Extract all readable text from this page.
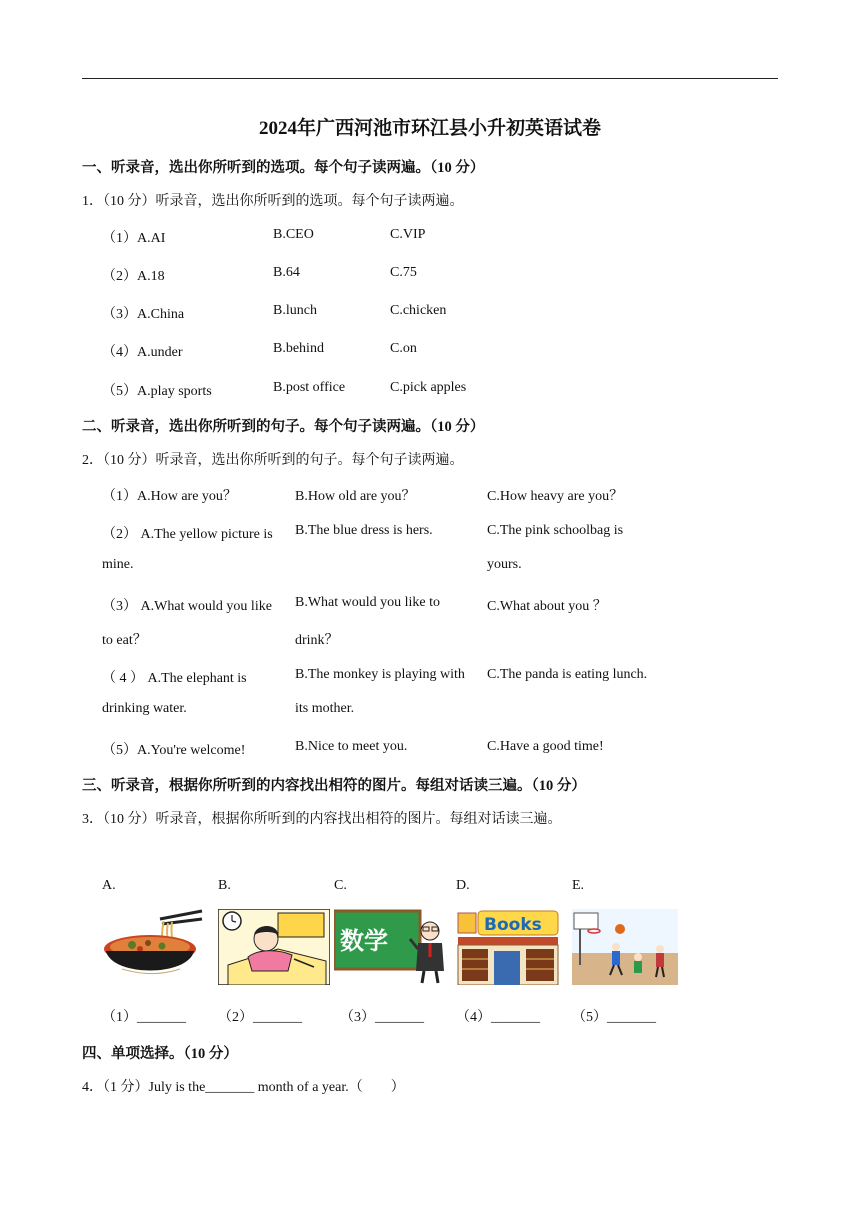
2024年广西河池市环江县小升初英语试卷
一、听录音，选出你所听到的选项。每个句子读两遍。（10 分）
1．（10 分）听录音，选出你所听到的选项。每个句子读两遍。
（1）A.AI	B.CEO	C.VIP
（2）A.18	B.64	C.75
（3）A.China	B.lunch	C.chicken
（4）A.under	B.behind	C.on
（5）A.play sports	B.post office	C.pick apples
二、听录音，选出你所听到的句子。每个句子读两遍。（10 分）
2．（10 分）听录音，选出你所听到的句子。每个句子读两遍。
（1）A.How are you？	B.How old are you？	C.How heavy are you？
（2） A.The yellow picture is
mine.
B.The blue dress is hers.	C.The pink schoolbag is
yours.
（3） A.What would you like
to eat？
B.What would you like to
drink？
C.What about you ？
（ 4 ） A.The elephant is
drinking water.
B.The monkey is playing with
its mother.
C.The panda is eating lunch.
（5）A.You're welcome!	B.Nice to meet you.	C.Have a good time!
三、听录音，根据你所听到的内容找出相符的图片。每组对话读三遍。（10 分）
3．（10 分）听录音，根据你所听到的内容找出相符的图片。每组对话读三遍。
A.	B.	C.	D.	E.
数学
Books
（1）_______ （2）_______	（3）_______ （4）_______ （5）_______
四、单项选择。（10 分）
4．（1 分）July is the_______ month of a year.（　　）
